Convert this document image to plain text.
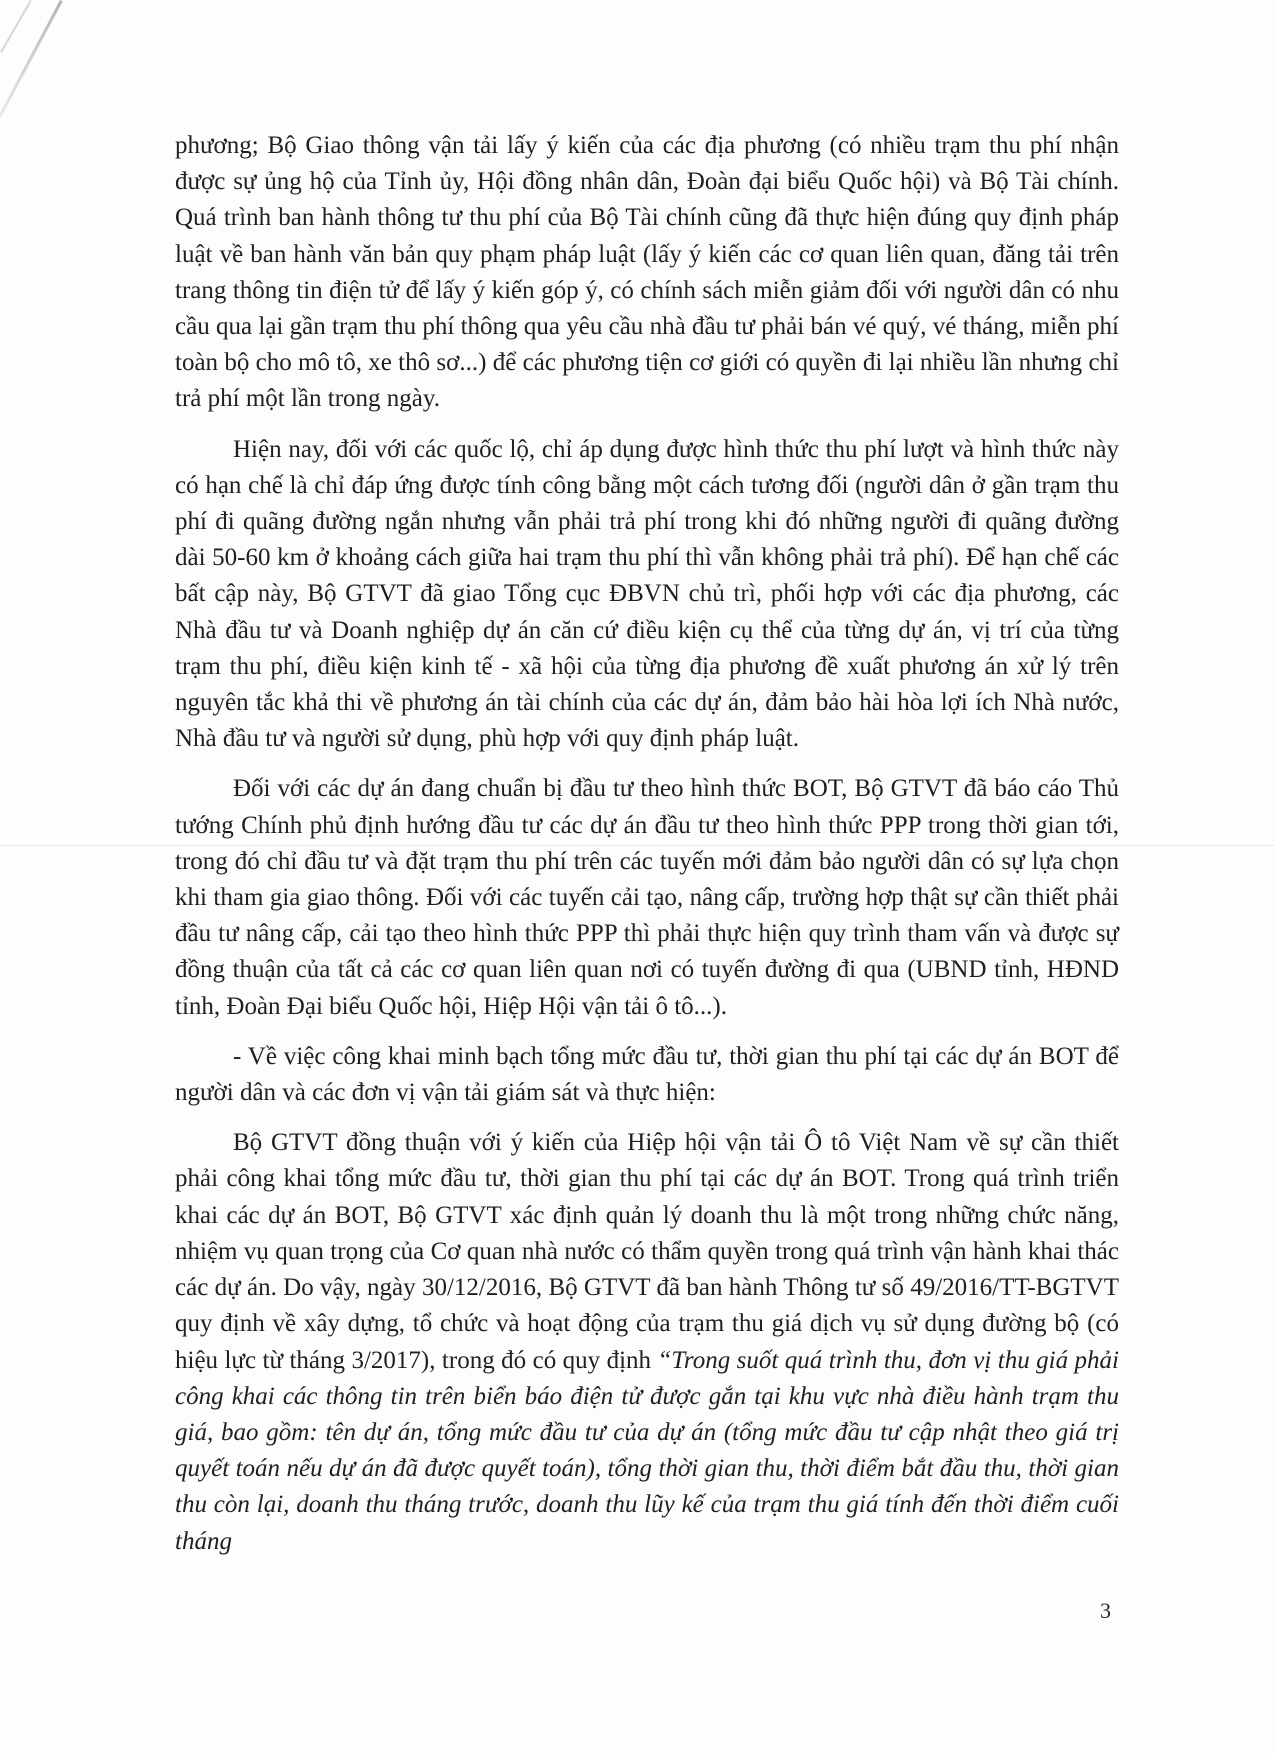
phương; Bộ Giao thông vận tải lấy ý kiến của các địa phương (có nhiều trạm thu phí nhận được sự ủng hộ của Tỉnh ủy, Hội đồng nhân dân, Đoàn đại biểu Quốc hội) và Bộ Tài chính. Quá trình ban hành thông tư thu phí của Bộ Tài chính cũng đã thực hiện đúng quy định pháp luật về ban hành văn bản quy phạm pháp luật (lấy ý kiến các cơ quan liên quan, đăng tải trên trang thông tin điện tử để lấy ý kiến góp ý, có chính sách miễn giảm đối với người dân có nhu cầu qua lại gần trạm thu phí thông qua yêu cầu nhà đầu tư phải bán vé quý, vé tháng, miễn phí toàn bộ cho mô tô, xe thô sơ...) để các phương tiện cơ giới có quyền đi lại nhiều lần nhưng chỉ trả phí một lần trong ngày.

Hiện nay, đối với các quốc lộ, chỉ áp dụng được hình thức thu phí lượt và hình thức này có hạn chế là chỉ đáp ứng được tính công bằng một cách tương đối (người dân ở gần trạm thu phí đi quãng đường ngắn nhưng vẫn phải trả phí trong khi đó những người đi quãng đường dài 50-60 km ở khoảng cách giữa hai trạm thu phí thì vẫn không phải trả phí). Để hạn chế các bất cập này, Bộ GTVT đã giao Tổng cục ĐBVN chủ trì, phối hợp với các địa phương, các Nhà đầu tư và Doanh nghiệp dự án căn cứ điều kiện cụ thể của từng dự án, vị trí của từng trạm thu phí, điều kiện kinh tế - xã hội của từng địa phương đề xuất phương án xử lý trên nguyên tắc khả thi về phương án tài chính của các dự án, đảm bảo hài hòa lợi ích Nhà nước, Nhà đầu tư và người sử dụng, phù hợp với quy định pháp luật.

Đối với các dự án đang chuẩn bị đầu tư theo hình thức BOT, Bộ GTVT đã báo cáo Thủ tướng Chính phủ định hướng đầu tư các dự án đầu tư theo hình thức PPP trong thời gian tới, trong đó chỉ đầu tư và đặt trạm thu phí trên các tuyến mới đảm bảo người dân có sự lựa chọn khi tham gia giao thông. Đối với các tuyến cải tạo, nâng cấp, trường hợp thật sự cần thiết phải đầu tư nâng cấp, cải tạo theo hình thức PPP thì phải thực hiện quy trình tham vấn và được sự đồng thuận của tất cả các cơ quan liên quan nơi có tuyến đường đi qua (UBND tỉnh, HĐND tỉnh, Đoàn Đại biểu Quốc hội, Hiệp Hội vận tải ô tô...).

- Về việc công khai minh bạch tổng mức đầu tư, thời gian thu phí tại các dự án BOT để người dân và các đơn vị vận tải giám sát và thực hiện:

Bộ GTVT đồng thuận với ý kiến của Hiệp hội vận tải Ô tô Việt Nam về sự cần thiết phải công khai tổng mức đầu tư, thời gian thu phí tại các dự án BOT. Trong quá trình triển khai các dự án BOT, Bộ GTVT xác định quản lý doanh thu là một trong những chức năng, nhiệm vụ quan trọng của Cơ quan nhà nước có thẩm quyền trong quá trình vận hành khai thác các dự án. Do vậy, ngày 30/12/2016, Bộ GTVT đã ban hành Thông tư số 49/2016/TT-BGTVT quy định về xây dựng, tổ chức và hoạt động của trạm thu giá dịch vụ sử dụng đường bộ (có hiệu lực từ tháng 3/2017), trong đó có quy định “Trong suốt quá trình thu, đơn vị thu giá phải công khai các thông tin trên biển báo điện tử được gắn tại khu vực nhà điều hành trạm thu giá, bao gồm: tên dự án, tổng mức đầu tư của dự án (tổng mức đầu tư cập nhật theo giá trị quyết toán nếu dự án đã được quyết toán), tổng thời gian thu, thời điểm bắt đầu thu, thời gian thu còn lại, doanh thu tháng trước, doanh thu lũy kế của trạm thu giá tính đến thời điểm cuối tháng

3
